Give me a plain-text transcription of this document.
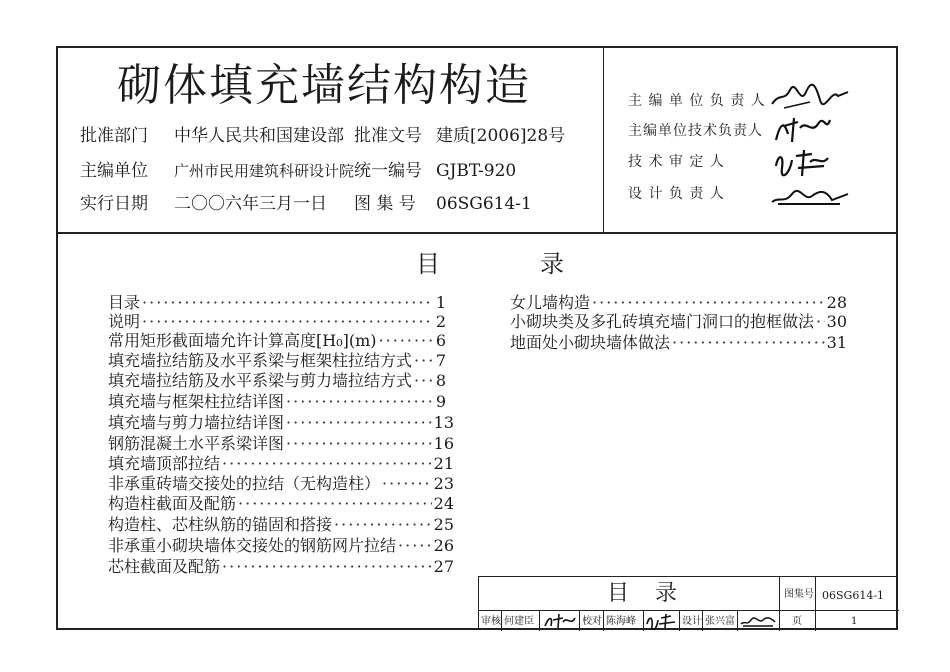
砌体填充墙结构构造
批准部门 中华人民共和国建设部 批准文号 建质[2006]28号
主编单位 广州市民用建筑科研设计院 统一编号 GJBT-920
实行日期 二〇〇六年三月一日 图 集 号 06SG614-1
主 编 单 位 负 责 人
主编单位技术负责人
技 术 审 定 人
设 计 负 责 人
目	录
目录 ·····	1
说明 ·····	2
常用矩形截面墙允许计算高度[H₀](m) ·····	6
填充墙拉结筋及水平系梁与框架柱拉结方式 ····· 7
填充墙拉结筋及水平系梁与剪力墙拉结方式 ····· 8
填充墙与框架柱拉结详图 ·····	9
填充墙与剪力墙拉结详图 ·····	13
钢筋混凝土水平系梁详图 ·····	16
填充墙顶部拉结 ·····	21
非承重砖墙交接处的拉结（无构造柱） ·····	23
构造柱截面及配筋 ·····	24
构造柱、芯柱纵筋的锚固和搭接 ·····	25
非承重小砌块墙体交接处的钢筋网片拉结 ····· 26
芯柱截面及配筋 ·····	27
女儿墙构造 ·····	28
小砌块类及多孔砖填充墙门洞口的抱框做法 ····· 30
地面处小砌块墙体做法 ·····	31
目录	图集号 06SG614-1
页	1
审核 何建臣	校对 陈海峰	设计 张兴富
